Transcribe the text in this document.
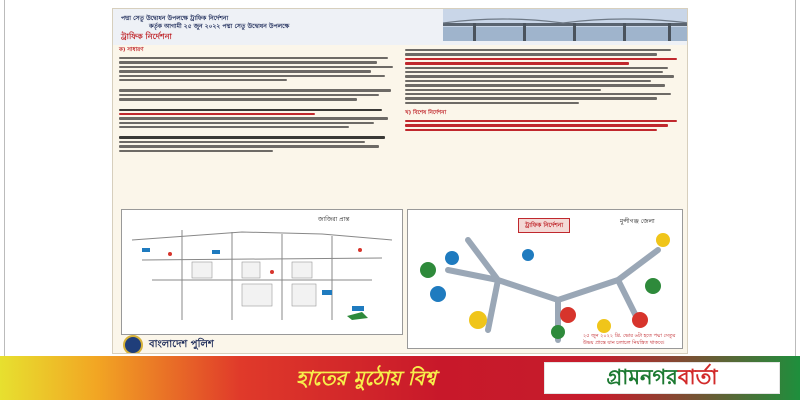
পদ্মা সেতু উদ্বোধন উপলক্ষে ট্রাফিক নির্দেশনা
কর্তৃক আগামী ২৫ জুন ২০২২ পদ্মা সেতু উদ্বোধন উপলক্ষে
ট্রাফিক নির্দেশনা
ক) সাধারণ
খ) বিশেষ নির্দেশনা
জাজিরা প্রান্ত
ট্রাফিক নির্দেশনা
মুন্সীগঞ্জ জেলা
বাংলাদেশ পুলিশ
২৫ জুন ২০২২ খ্রি. ভোর ৬টা হতে পদ্মা সেতুর উভয় প্রান্তে যান চলাচল নিয়ন্ত্রিত থাকবে।
হাতের মুঠোয় বিশ্ব	গ্রামনগর বার্তা
